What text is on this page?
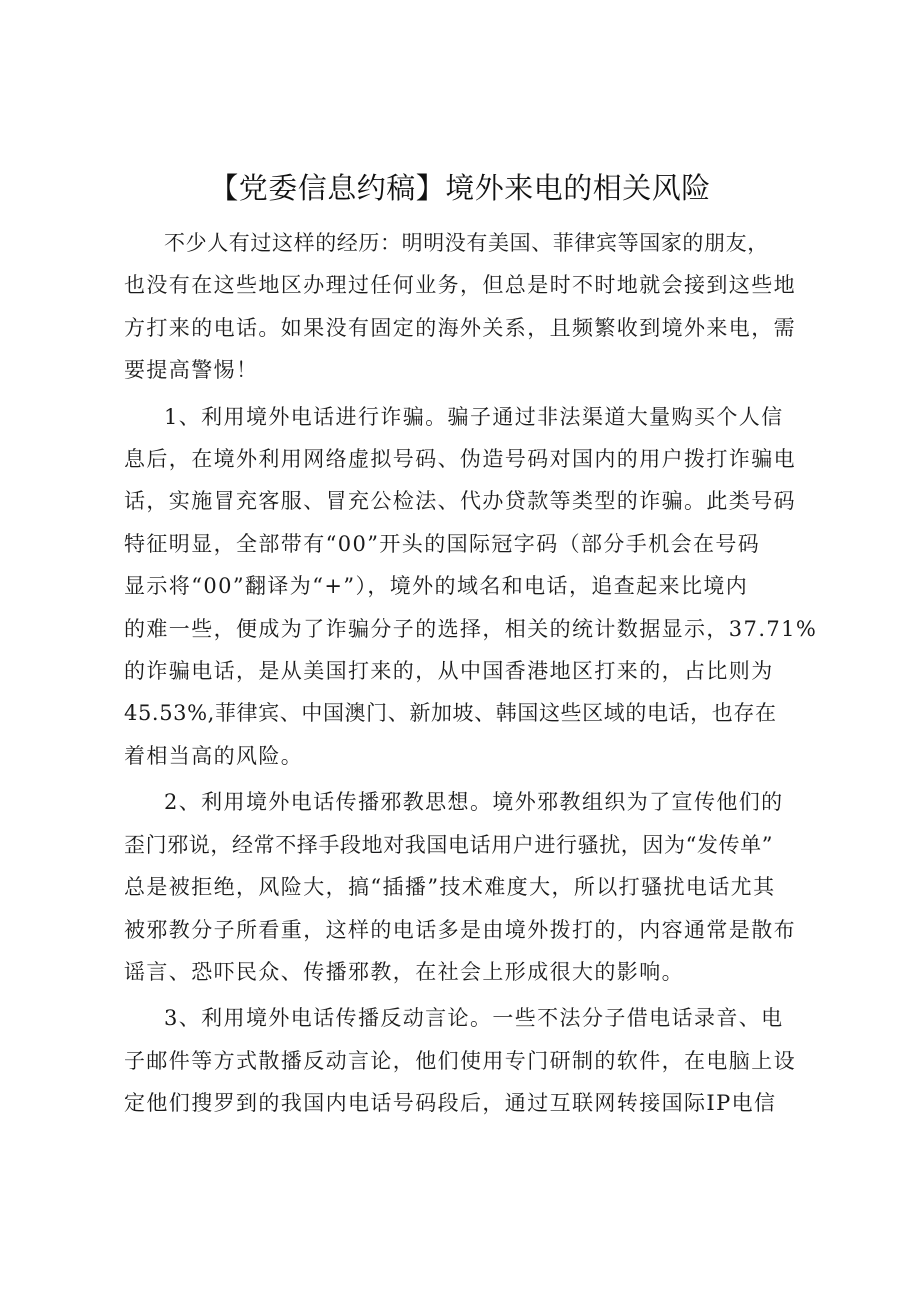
【党委信息约稿】境外来电的相关风险

不少人有过这样的经历：明明没有美国、菲律宾等国家的朋友，
也没有在这些地区办理过任何业务，但总是时不时地就会接到这些地
方打来的电话。如果没有固定的海外关系，且频繁收到境外来电，需
要提高警惕！

1、利用境外电话进行诈骗。骗子通过非法渠道大量购买个人信
息后，在境外利用网络虚拟号码、伪造号码对国内的用户拨打诈骗电
话，实施冒充客服、冒充公检法、代办贷款等类型的诈骗。此类号码
特征明显，全部带有“00”开头的国际冠字码（部分手机会在号码
显示将“00”翻译为“+”），境外的域名和电话，追查起来比境内
的难一些，便成为了诈骗分子的选择，相关的统计数据显示，37.71%
的诈骗电话，是从美国打来的，从中国香港地区打来的，占比则为
45.53%,菲律宾、中国澳门、新加坡、韩国这些区域的电话，也存在
着相当高的风险。

2、利用境外电话传播邪教思想。境外邪教组织为了宣传他们的
歪门邪说，经常不择手段地对我国电话用户进行骚扰，因为“发传单”
总是被拒绝，风险大，搞“插播”技术难度大，所以打骚扰电话尤其
被邪教分子所看重，这样的电话多是由境外拨打的，内容通常是散布
谣言、恐吓民众、传播邪教，在社会上形成很大的影响。

3、利用境外电话传播反动言论。一些不法分子借电话录音、电
子邮件等方式散播反动言论，他们使用专门研制的软件，在电脑上设
定他们搜罗到的我国内电话号码段后，通过互联网转接国际IP电信
